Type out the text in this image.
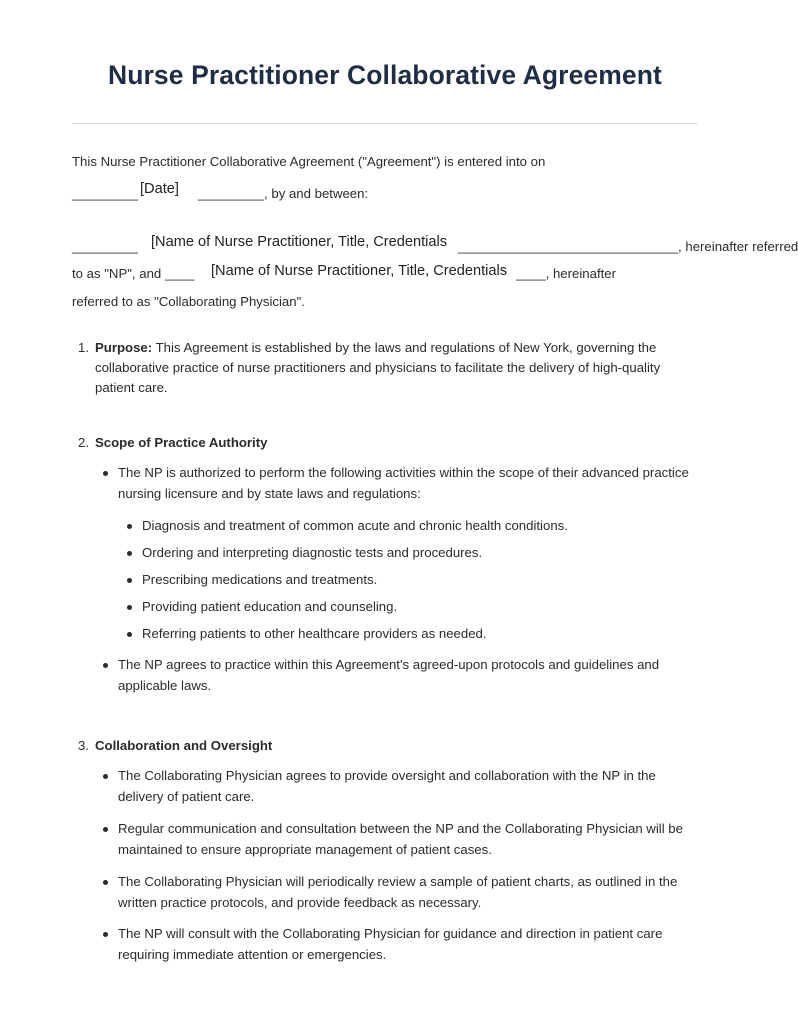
Nurse Practitioner Collaborative Agreement
This Nurse Practitioner Collaborative Agreement ("Agreement") is entered into on
_________	_________, by and between:
[Date]
_________	______________________________, hereinafter referred
[Name of Nurse Practitioner, Title, Credentials
to as "NP", and ____	____, hereinafter
[Name of Nurse Practitioner, Title, Credentials
referred to as "Collaborating Physician".
1. Purpose: This Agreement is established by the laws and regulations of New York, governing the collaborative practice of nurse practitioners and physicians to facilitate the delivery of high-quality patient care.
2. Scope of Practice Authority
The NP is authorized to perform the following activities within the scope of their advanced practice nursing licensure and by state laws and regulations:
Diagnosis and treatment of common acute and chronic health conditions.
Ordering and interpreting diagnostic tests and procedures.
Prescribing medications and treatments.
Providing patient education and counseling.
Referring patients to other healthcare providers as needed.
The NP agrees to practice within this Agreement's agreed-upon protocols and guidelines and applicable laws.
3. Collaboration and Oversight
The Collaborating Physician agrees to provide oversight and collaboration with the NP in the delivery of patient care.
Regular communication and consultation between the NP and the Collaborating Physician will be maintained to ensure appropriate management of patient cases.
The Collaborating Physician will periodically review a sample of patient charts, as outlined in the written practice protocols, and provide feedback as necessary.
The NP will consult with the Collaborating Physician for guidance and direction in patient care requiring immediate attention or emergencies.
